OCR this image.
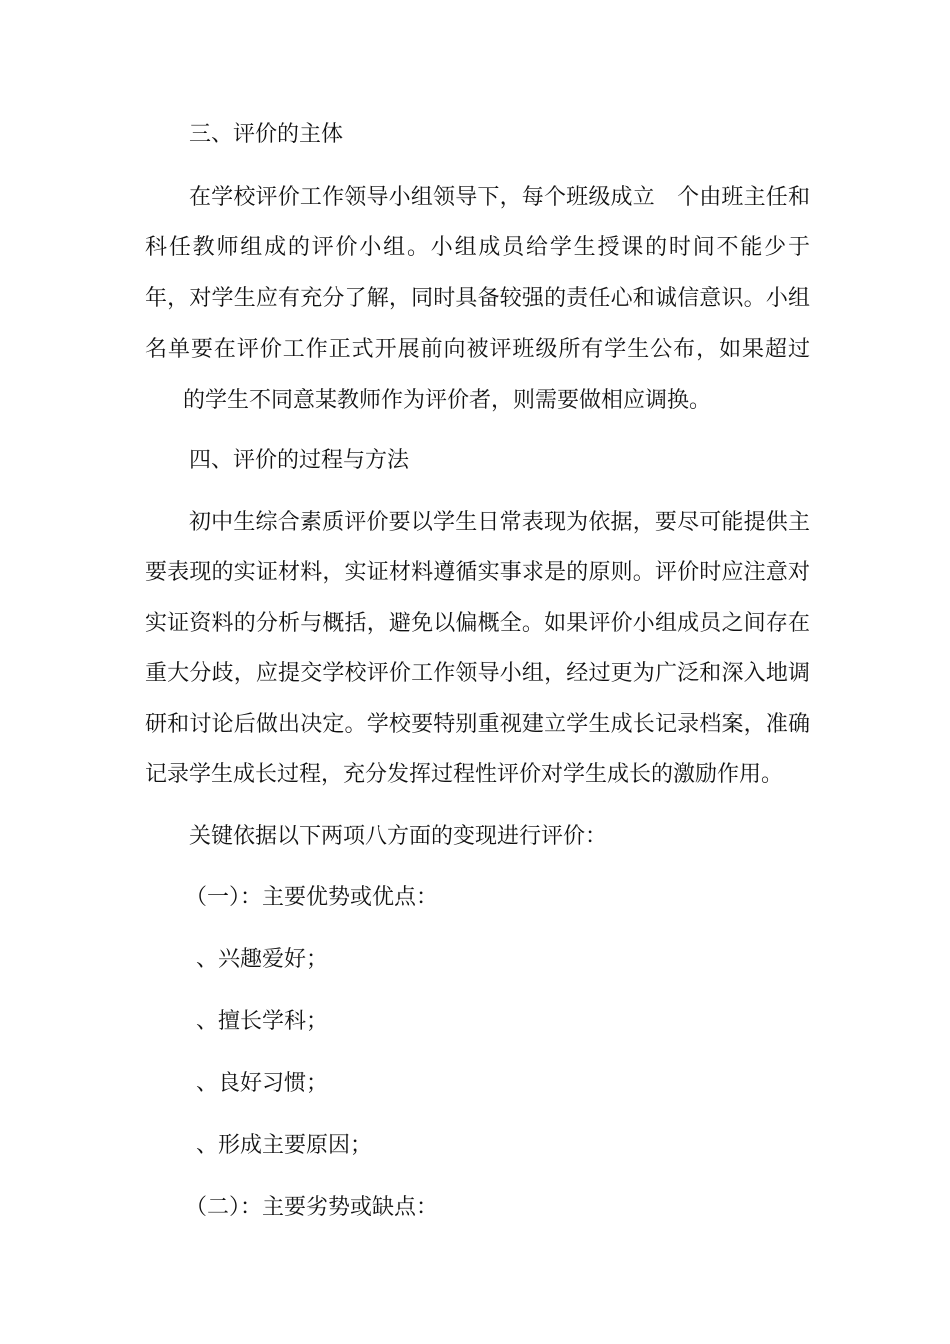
三、评价的主体
在学校评价工作领导小组领导下，每个班级成立　个由班主任和
科任教师组成的评价小组。小组成员给学生授课的时间不能少于
年，对学生应有充分了解，同时具备较强的责任心和诚信意识。小组
名单要在评价工作正式开展前向被评班级所有学生公布，如果超过
的学生不同意某教师作为评价者，则需要做相应调换。
四、评价的过程与方法
初中生综合素质评价要以学生日常表现为依据，要尽可能提供主
要表现的实证材料，实证材料遵循实事求是的原则。评价时应注意对
实证资料的分析与概括，避免以偏概全。如果评价小组成员之间存在
重大分歧，应提交学校评价工作领导小组，经过更为广泛和深入地调
研和讨论后做出决定。学校要特别重视建立学生成长记录档案，准确
记录学生成长过程，充分发挥过程性评价对学生成长的激励作用。
关键依据以下两项八方面的变现进行评价：
（一）：主要优势或优点：
、兴趣爱好；
、擅长学科；
、良好习惯；
、形成主要原因；
（二）：主要劣势或缺点：
